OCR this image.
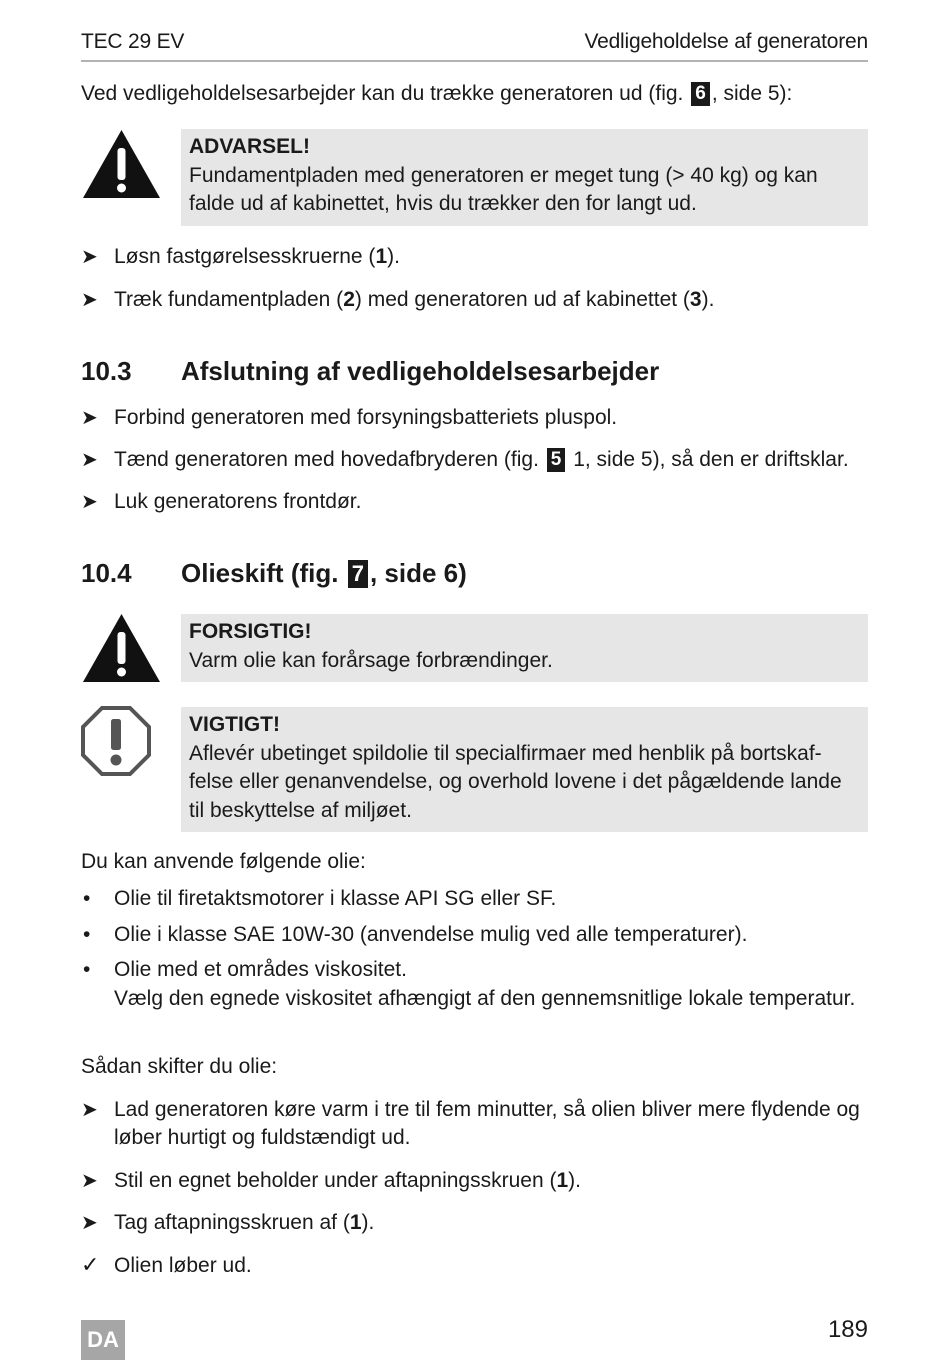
TEC 29 EV	Vedligeholdelse af generatoren
Ved vedligeholdelsesarbejder kan du trække generatoren ud (fig. 6 , side 5):
ADVARSEL!
Fundamentpladen med generatoren er meget tung (> 40 kg) og kan
falde ud af kabinettet, hvis du trækker den for langt ud.
➤ Løsn fastgørelsesskruerne (1).
➤ Træk fundamentpladen (2) med generatoren ud af kabinettet (3).
10.3 Afslutning af vedligeholdelsesarbejder
➤ Forbind generatoren med forsyningsbatteriets pluspol.
➤ Tænd generatoren med hovedafbryderen (fig. 5 1, side 5), så den er driftsklar.
➤ Luk generatorens frontdør.
10.4 Olieskift (fig. 7 , side 6)
FORSIGTIG!
Varm olie kan forårsage forbrændinger.
VIGTIGT!
Aflevér ubetinget spildolie til specialfirmaer med henblik på bortskaf-
felse eller genanvendelse, og overhold lovene i det pågældende lande
til beskyttelse af miljøet.
Du kan anvende følgende olie:
• Olie til firetaktsmotorer i klasse API SG eller SF.
• Olie i klasse SAE 10W-30 (anvendelse mulig ved alle temperaturer).
• Olie med et områdes viskositet.
Vælg den egnede viskositet afhængigt af den gennemsnitlige lokale temperatur.
Sådan skifter du olie:
➤ Lad generatoren køre varm i tre til fem minutter, så olien bliver mere flydende og
løber hurtigt og fuldstændigt ud.
➤ Stil en egnet beholder under aftapningsskruen (1).
➤ Tag aftapningsskruen af (1).
✓ Olien løber ud.
DA	189
